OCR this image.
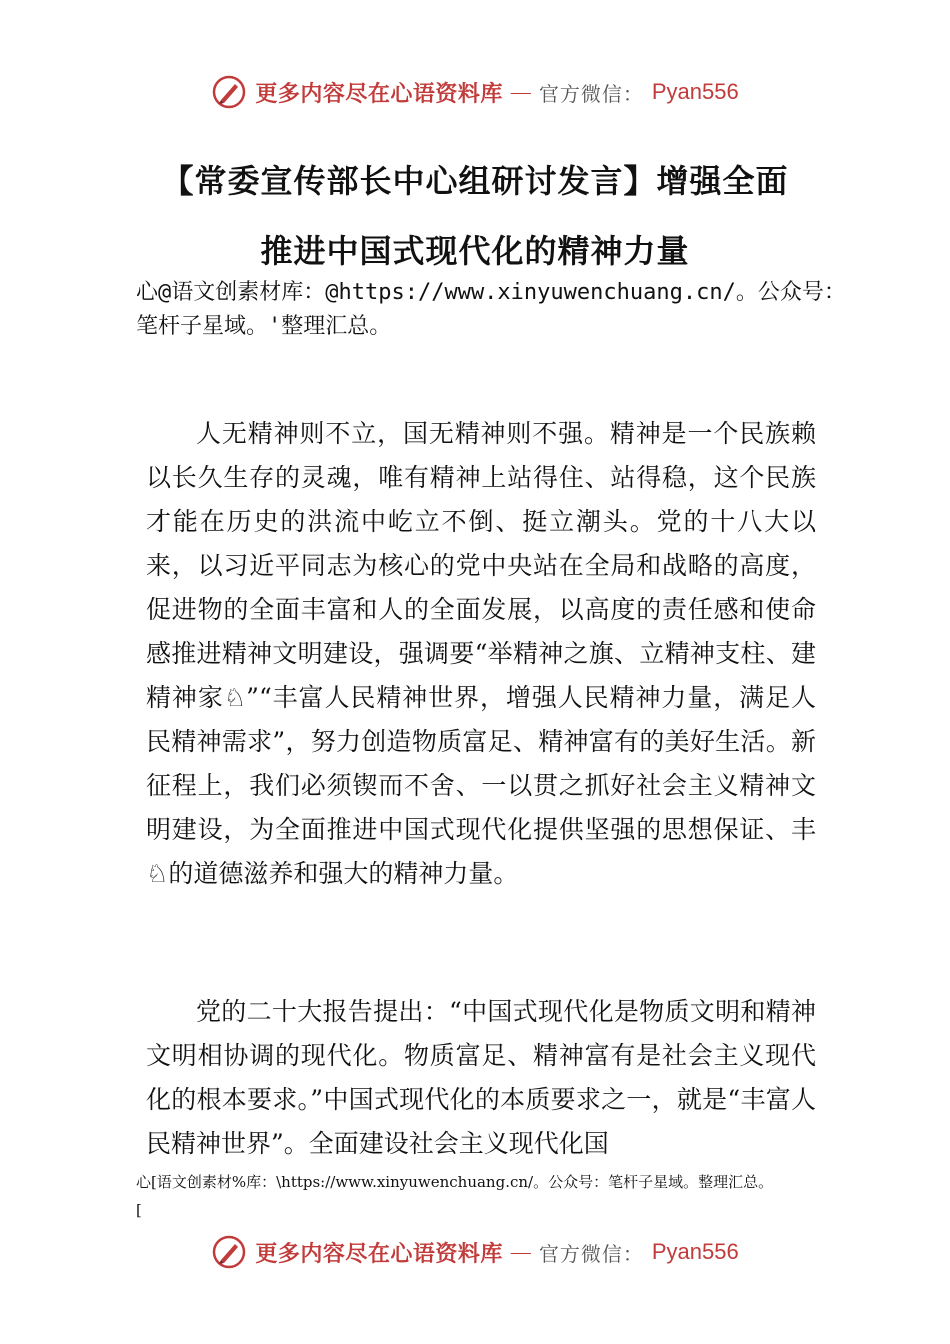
更多内容尽在心语资料库 — 官方微信： Pyan556
【常委宣传部长中心组研讨发言】增强全面
推进中国式现代化的精神力量

心@语文创素材库：@https://www.xinyuwenchuang.cn/。公众号：笔杆子星域。'整理汇总。

人无精神则不立，国无精神则不强。精神是一个民族赖以长久生存的灵魂，唯有精神上站得住、站得稳，这个民族才能在历史的洪流中屹立不倒、挺立潮头。党的十八大以来，以习近平同志为核心的党中央站在全局和战略的高度，促进物的全面丰富和人的全面发展，以高度的责任感和使命感推进精神文明建设，强调要“举精神之旗、立精神支柱、建精神家♘”“丰富人民精神世界，增强人民精神力量，满足人民精神需求”，努力创造物质富足、精神富有的美好生活。新征程上，我们必须锲而不舍、一以贯之抓好社会主义精神文明建设，为全面推进中国式现代化提供坚强的思想保证、丰♘的道德滋养和强大的精神力量。

党的二十大报告提出：“中国式现代化是物质文明和精神文明相协调的现代化。物质富足、精神富有是社会主义现代化的根本要求。”中国式现代化的本质要求之一，就是“丰富人民精神世界”。全面建设社会主义现代化国

心[语文创素材%库：\https://www.xinyuwenchuang.cn/。公众号：笔杆子星域。整理汇总。
[
更多内容尽在心语资料库 — 官方微信： Pyan556
